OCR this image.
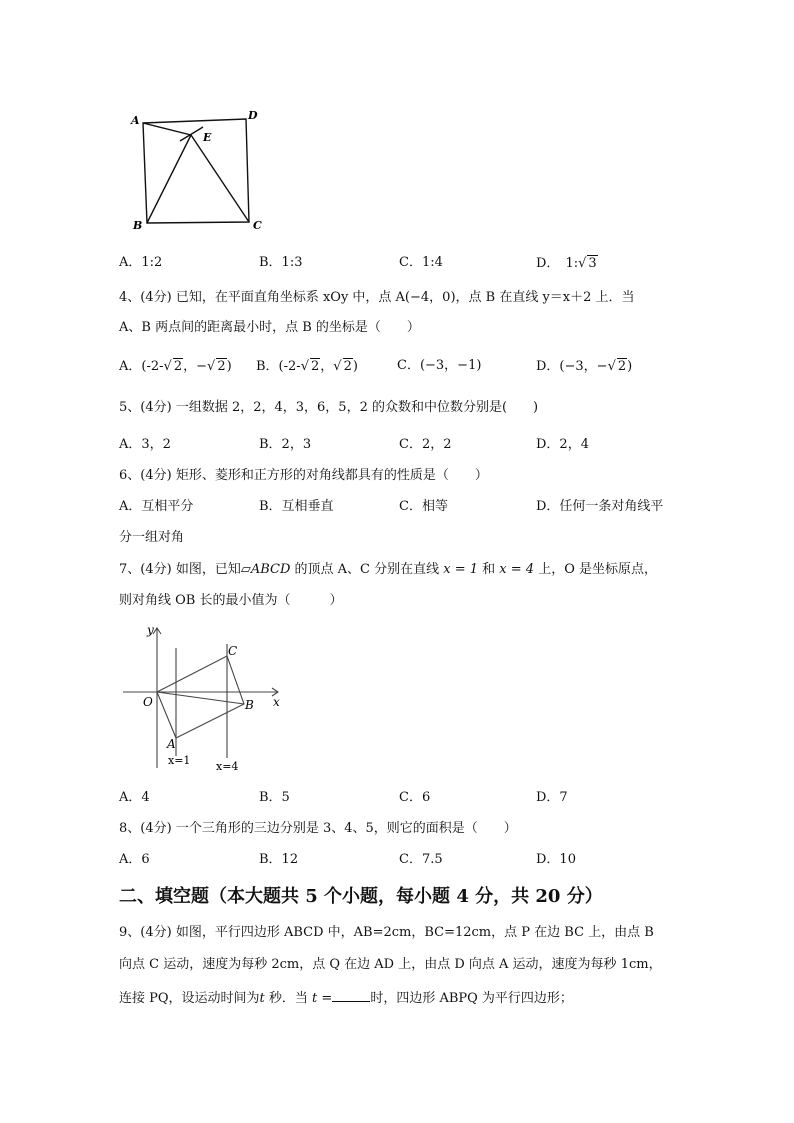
A	D
E
B	C
A．1:2	B．1:3	C．1:4	D． 1:√ 3
4、(4分) 已知，在平面直角坐标系 xOy 中，点 A(−4，0)，点 B 在直线 y＝x＋2 上．当
A、B 两点间的距离最小时，点 B 的坐标是（　　）
A．(-2-√ 2，−√ 2) B．(-2-√ 2，√ 2)	C．(−3，−1)	D．(−3，−√ 2)
5、(4分) 一组数据 2，2，4，3，6，5，2 的众数和中位数分别是(　　)
A．3，2	B．2，3	C．2，2	D．2，4
6、(4分) 矩形、菱形和正方形的对角线都具有的性质是（　　）
A．互相平分	B．互相垂直	C．相等	D．任何一条对角线平
分一组对角
7、(4分) 如图，已知▱ABCD 的顶点 A、C 分别在直线 x = 1 和 x = 4 上，O 是坐标原点，
则对角线 OB 长的最小值为（　　　）
y
x
O
A
B
C
x=1 x=4
A．4	B．5	C．6	D．7
8、(4分) 一个三角形的三边分别是 3、4、5，则它的面积是（　　）
A．6	B．12	C．7.5	D．10
二、填空题（本大题共 5 个小题，每小题 4 分，共 20 分）
9、(4分) 如图，平行四边形 ABCD 中，AB=2cm，BC=12cm，点 P 在边 BC 上，由点 B
向点 C 运动，速度为每秒 2cm，点 Q 在边 AD 上，由点 D 向点 A 运动，速度为每秒 1cm，
连接 PQ，设运动时间为t 秒．当 t =	时，四边形 ABPQ 为平行四边形；
